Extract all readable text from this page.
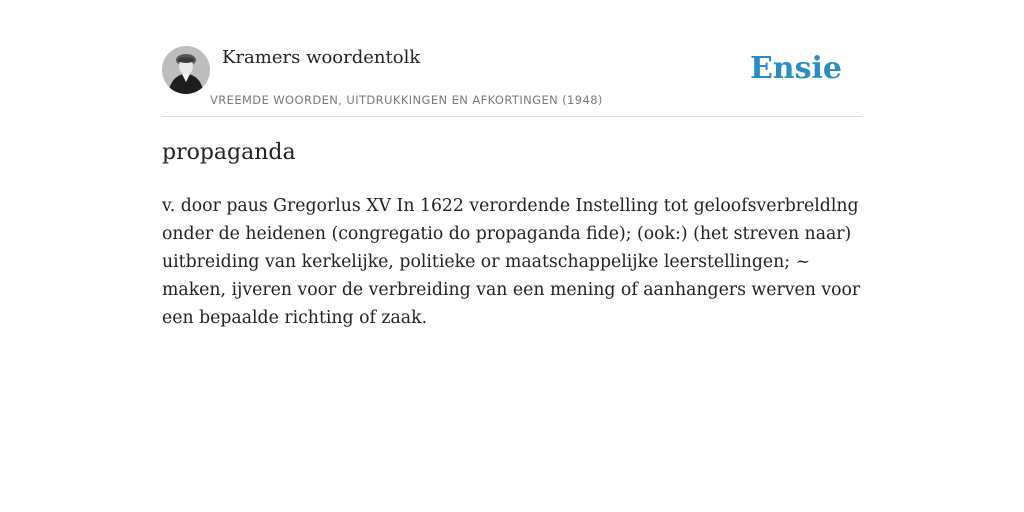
Kramers woordentolk
VREEMDE WOORDEN, UITDRUKKINGEN EN AFKORTINGEN (1948)
Ensie
propaganda

v. door paus Gregorlus XV In 1622 verordende Instelling tot geloofsverbreldlng onder de heidenen (congregatio do propaganda fide); (ook:) (het streven naar) uitbreiding van kerkelijke, politieke or maatschappelijke leerstellingen; ~ maken, ijveren voor de verbreiding van een mening of aanhangers werven voor een bepaalde richting of zaak.
